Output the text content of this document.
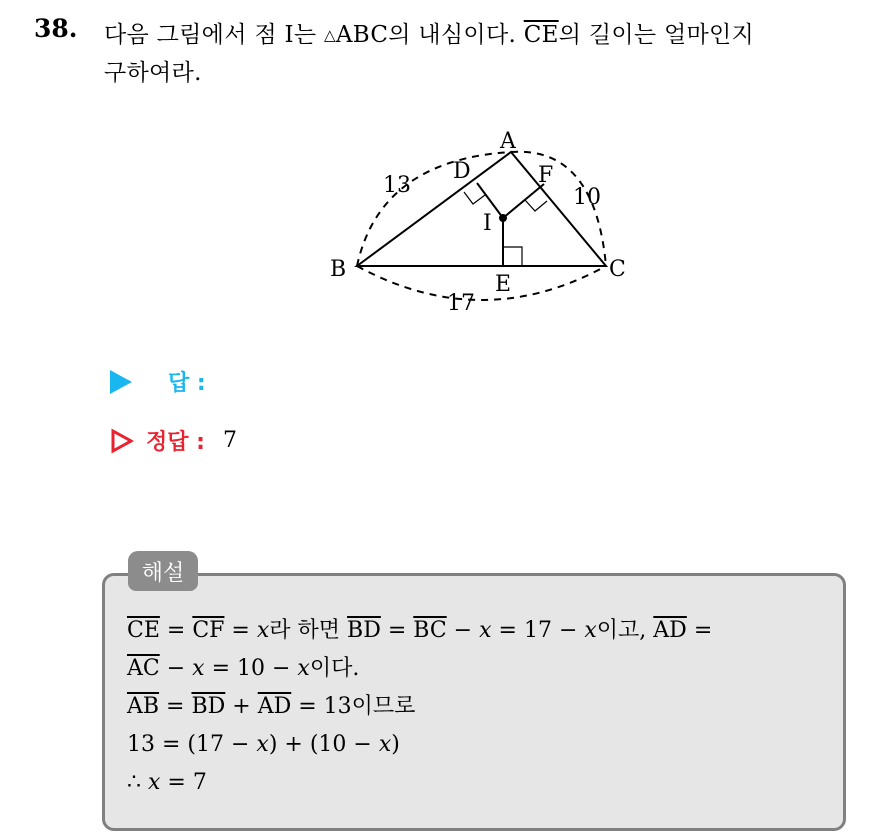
38. 다음 그림에서 점 I는 △ABC의 내심이다. $\overline{CE}$의 길이는 얼마인지
구하여라.
A
B	C
D
E
F
I
13	10
17
답 :
정답 : 7
해설
$\overline{CE} = \overline{CF} = x$라 하면 $\overline{BD} = \overline{BC} - x = 17 - x$이고, $\overline{AD}$ =
$\overline{AC} - x = 10 - x$이다.
$\overline{AB} = \overline{BD} + \overline{AD} = 13$이므로
13 = (17 − x) + (10 − x)
∴ x = 7
